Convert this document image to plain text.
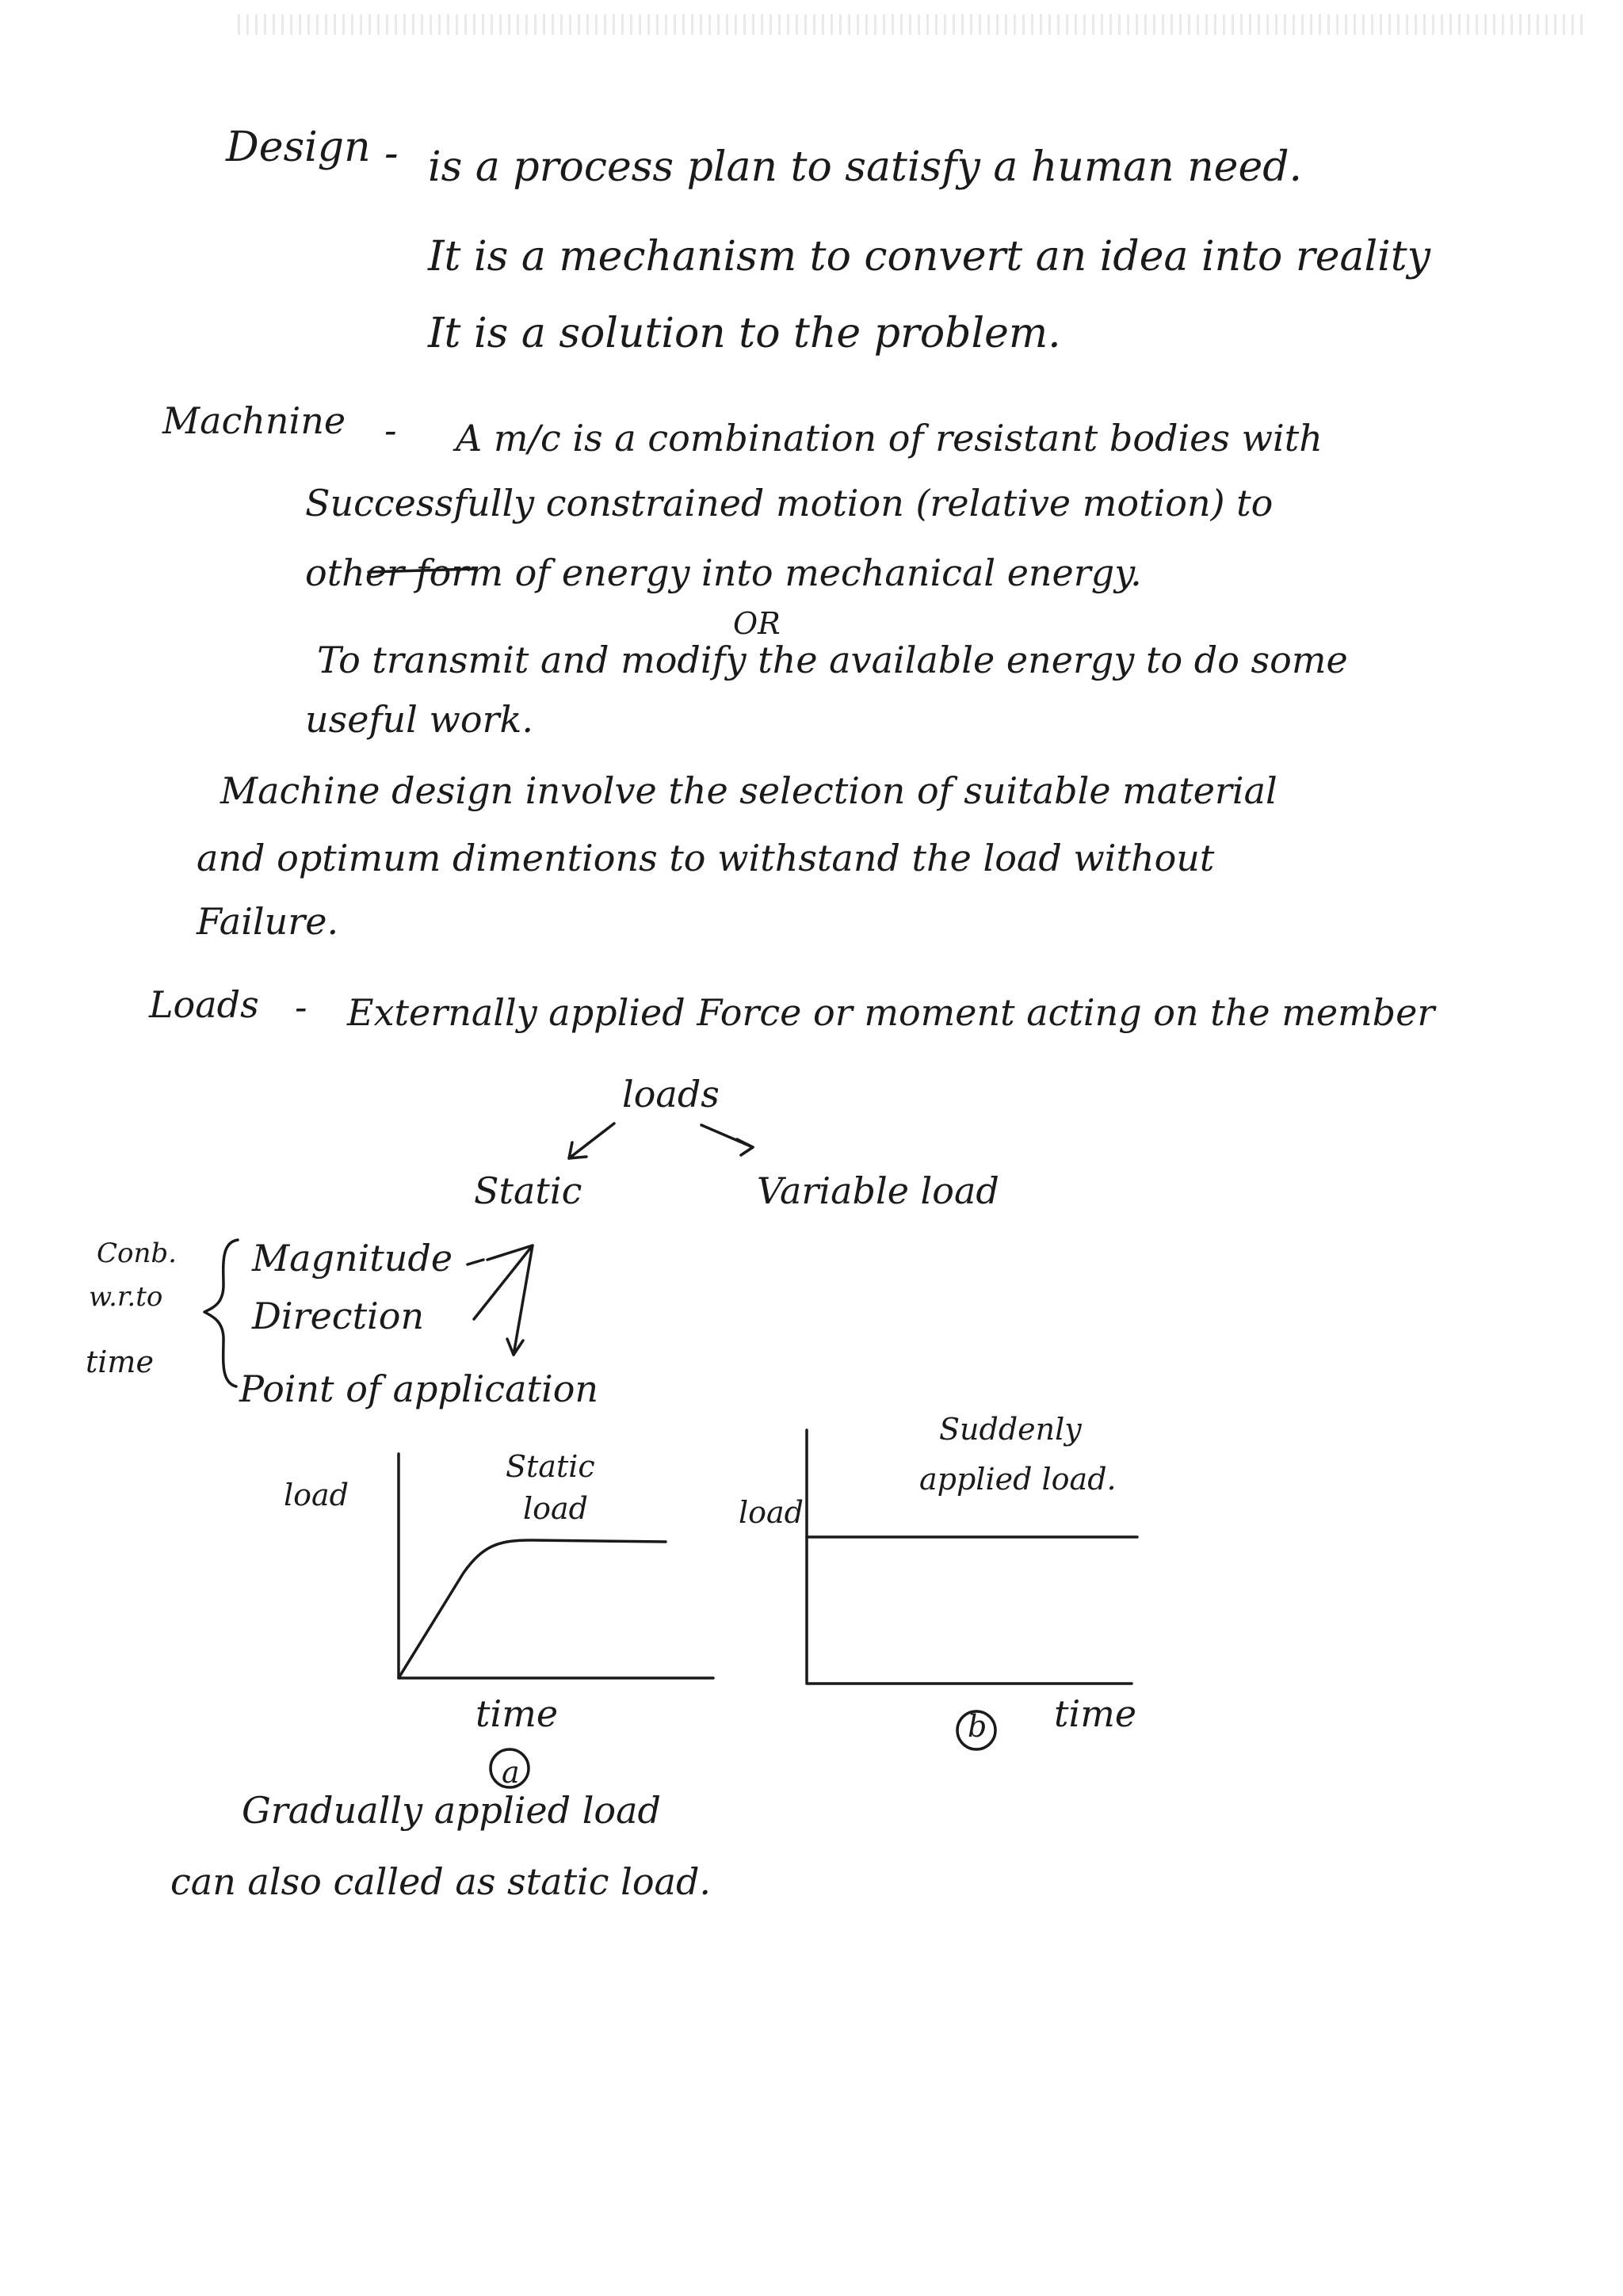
Design - is a process plan to satisfy a human need.
It is a mechanism to convert an idea into reality
It is a solution to the problem.
Machnine - A m/c is a combination of resistant bodies with
Successfully constrained motion (relative motion) to
other form of energy into mechanical energy.
OR
To transmit and modify the available energy to do some
useful work.
Machine design involve the selection of suitable material
and optimum dimentions to withstand the load without
Failure.
Loads - Externally applied Force or moment acting on the member
loads
Static	Variable load
Conb.
w.r.to
time
Magnitude
Direction
Point of application
load
Static
load
time
a
load
Suddenly
applied load.
time
b
Gradually applied load
can also called as static load.
